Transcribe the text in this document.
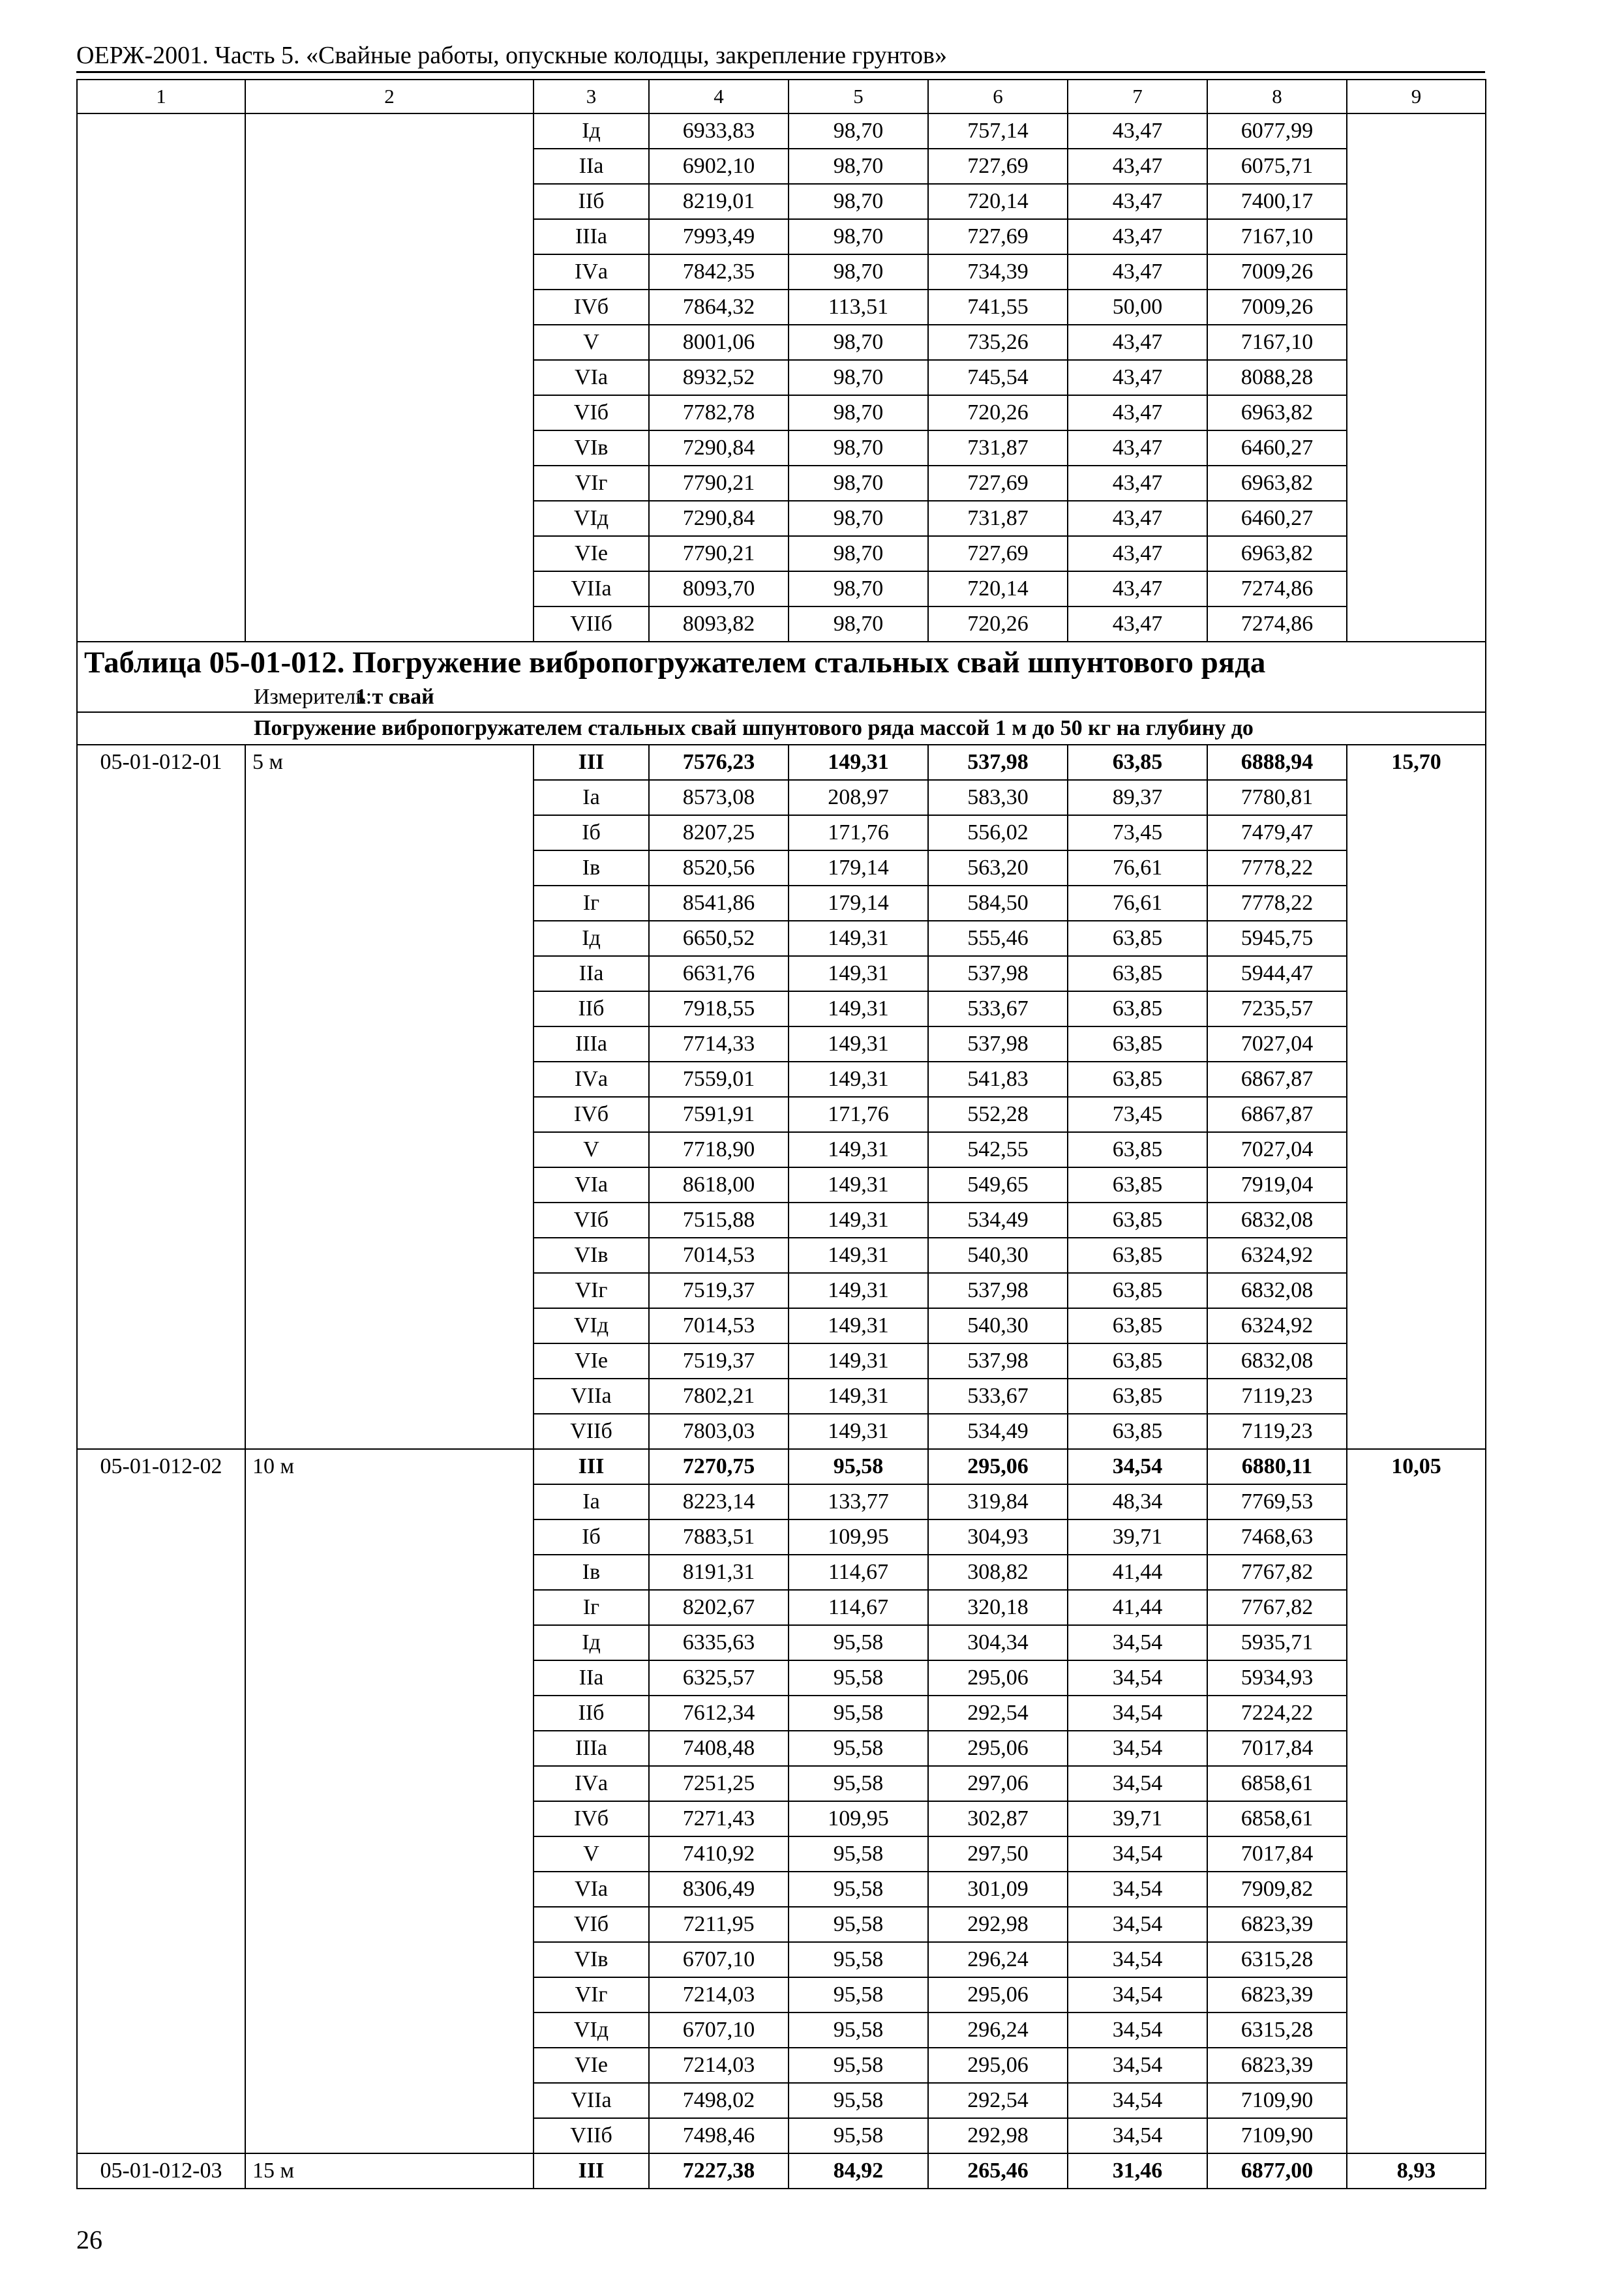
ОЕРЖ-2001. Часть 5. «Свайные работы, опускные колодцы, закрепление грунтов»
1	2	3	4	5	6	7	8	9
		Iд	6933,83	98,70	757,14	43,47	6077,99	
		IIа	6902,10	98,70	727,69	43,47	6075,71	
		IIб	8219,01	98,70	720,14	43,47	7400,17	
		IIIа	7993,49	98,70	727,69	43,47	7167,10	
		IVа	7842,35	98,70	734,39	43,47	7009,26	
		IVб	7864,32	113,51	741,55	50,00	7009,26	
		V	8001,06	98,70	735,26	43,47	7167,10	
		VIа	8932,52	98,70	745,54	43,47	8088,28	
		VIб	7782,78	98,70	720,26	43,47	6963,82	
		VIв	7290,84	98,70	731,87	43,47	6460,27	
		VIг	7790,21	98,70	727,69	43,47	6963,82	
		VIд	7290,84	98,70	731,87	43,47	6460,27	
		VIе	7790,21	98,70	727,69	43,47	6963,82	
		VIIа	8093,70	98,70	720,14	43,47	7274,86	
		VIIб	8093,82	98,70	720,26	43,47	7274,86	
Таблица 05-01-012. Погружение вибропогружателем стальных свай шпунтового ряда								
Измеритель:1 т свай								
Погружение вибропогружателем стальных свай шпунтового ряда массой 1 м до 50 кг на глубину до								
05-01-012-01	5 м	III	7576,23	149,31	537,98	63,85	6888,94	15,70
		Iа	8573,08	208,97	583,30	89,37	7780,81	
		Iб	8207,25	171,76	556,02	73,45	7479,47	
		Iв	8520,56	179,14	563,20	76,61	7778,22	
		Iг	8541,86	179,14	584,50	76,61	7778,22	
		Iд	6650,52	149,31	555,46	63,85	5945,75	
		IIа	6631,76	149,31	537,98	63,85	5944,47	
		IIб	7918,55	149,31	533,67	63,85	7235,57	
		IIIа	7714,33	149,31	537,98	63,85	7027,04	
		IVа	7559,01	149,31	541,83	63,85	6867,87	
		IVб	7591,91	171,76	552,28	73,45	6867,87	
		V	7718,90	149,31	542,55	63,85	7027,04	
		VIа	8618,00	149,31	549,65	63,85	7919,04	
		VIб	7515,88	149,31	534,49	63,85	6832,08	
		VIв	7014,53	149,31	540,30	63,85	6324,92	
		VIг	7519,37	149,31	537,98	63,85	6832,08	
		VIд	7014,53	149,31	540,30	63,85	6324,92	
		VIе	7519,37	149,31	537,98	63,85	6832,08	
		VIIа	7802,21	149,31	533,67	63,85	7119,23	
		VIIб	7803,03	149,31	534,49	63,85	7119,23	
05-01-012-02	10 м	III	7270,75	95,58	295,06	34,54	6880,11	10,05
		Iа	8223,14	133,77	319,84	48,34	7769,53	
		Iб	7883,51	109,95	304,93	39,71	7468,63	
		Iв	8191,31	114,67	308,82	41,44	7767,82	
		Iг	8202,67	114,67	320,18	41,44	7767,82	
		Iд	6335,63	95,58	304,34	34,54	5935,71	
		IIа	6325,57	95,58	295,06	34,54	5934,93	
		IIб	7612,34	95,58	292,54	34,54	7224,22	
		IIIа	7408,48	95,58	295,06	34,54	7017,84	
		IVа	7251,25	95,58	297,06	34,54	6858,61	
		IVб	7271,43	109,95	302,87	39,71	6858,61	
		V	7410,92	95,58	297,50	34,54	7017,84	
		VIа	8306,49	95,58	301,09	34,54	7909,82	
		VIб	7211,95	95,58	292,98	34,54	6823,39	
		VIв	6707,10	95,58	296,24	34,54	6315,28	
		VIг	7214,03	95,58	295,06	34,54	6823,39	
		VIд	6707,10	95,58	296,24	34,54	6315,28	
		VIе	7214,03	95,58	295,06	34,54	6823,39	
		VIIа	7498,02	95,58	292,54	34,54	7109,90	
		VIIб	7498,46	95,58	292,98	34,54	7109,90	
05-01-012-03	15 м	III	7227,38	84,92	265,46	31,46	6877,00	8,93
26
